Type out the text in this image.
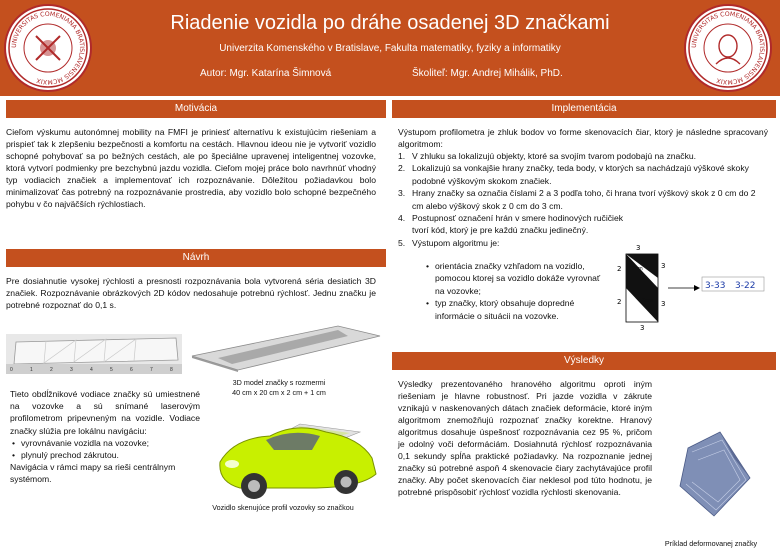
UNIVERSITAS COMENIANA BRATISLAVENSIS MCMXIX
Riadenie vozidla po dráhe osadenej 3D značkami
Univerzita Komenského v Bratislave, Fakulta matematiky, fyziky a informatiky
Autor: Mgr. Katarína Šimnová	Školiteľ: Mgr. Andrej Mihálik, PhD.
UNIVERSITAS COMENIANA BRATISLAVENSIS MCMXIX
Motivácia
Cieľom výskumu autonómnej mobility na FMFI je priniesť alternatívu k existujúcim riešeniam a prispieť tak k zlepšeniu bezpečnosti a komfortu na cestách. Hlavnou ideou nie je vytvoriť vozidlo schopné pohybovať sa po bežných cestách, ale po špeciálne upravenej inteligentnej vozovke, ktorá vytvorí podmienky pre bezchybnú jazdu vozidla. Cieľom mojej práce bolo navrhnúť vhodný typ vodiacich značiek a implementovať ich rozpoznávanie. Dôležitou požiadavkou bolo minimalizovať čas potrebný na rozpoznávanie prostredia, aby vozidlo bolo schopné bezpečného pohybu v čo najväčších rýchlostiach.
Návrh
Pre dosiahnutie vysokej rýchlosti a presnosti rozpoznávania bola vytvorená séria desiatich 3D značiek. Rozpoznávanie obrázkových 2D kódov nedosahuje potrebnú rýchlosť. Jednu značku je potrebné rozpoznať do 0,1 s.
0	1	2	3	4	5	6	7	8
3D model značky s rozmermi 40 cm x 20 cm x 2 cm + 1 cm
Vozidlo skenujúce profil vozovky so značkou
Tieto obdĺžnikové vodiace značky sú umiestnené na vozovke a sú snímané laserovým profilometrom pripevneným na vozidle. Vodiace značky slúžia pre lokálnu navigáciu:
• vyrovnávanie vozidla na vozovke;
• plynulý prechod zákrutou.
Navigácia v rámci mapy sa rieši centrálnym systémom.
Implementácia
Výstupom profilometra je zhluk bodov vo forme skenovacích čiar, ktorý je následne spracovaný algoritmom:
1. V zhluku sa lokalizujú objekty, ktoré sa svojím tvarom podobajú na značku.
2. Lokalizujú sa vonkajšie hrany značky, teda body, v ktorých sa nachádzajú výškové skoky podobné výškovým skokom značiek.
3. Hrany značky sa označia číslami 2 a 3 podľa toho, či hrana tvorí výškový skok z 0 cm do 2 cm alebo výškový skok z 0 cm do 3 cm.
4. Postupnosť označení hrán v smere hodinových ručičiek tvorí kód, ktorý je pre každú značku jedinečný.
5. Výstupom algoritmu je:
• orientácia značky vzhľadom na vozidlo, pomocou ktorej sa vozidlo dokáže vyrovnať na vozovke;
• typ značky, ktorý obsahuje dopredné informácie o situácii na vozovke.
3
2cm
3cm
2	3
2	3
3
3-33 3-22
Výsledky
Príklad deformovanej značky
Výsledky prezentovaného hranového algoritmu oproti iným riešeniam je hlavne robustnosť. Pri jazde vozidla v zákrute vznikajú v naskenovaných dátach značiek deformácie, ktoré iným algoritmom znemožňujú rozpoznať značky korektne. Hranový algoritmus dosahuje úspešnosť rozpoznávania cez 95 %, pričom je odolný voči deformáciám. Dosiahnutá rýchlosť rozpoznávania 0,1 sekundy spĺňa praktické požiadavky. Na rozpoznanie jednej značky sú potrebné aspoň 4 skenovacie čiary zachytávajúce profil značky. Aby počet skenovacích čiar neklesol pod túto hodnotu, je potrebné prispôsobiť rýchlosť vozidla rýchlosti skenovania.
